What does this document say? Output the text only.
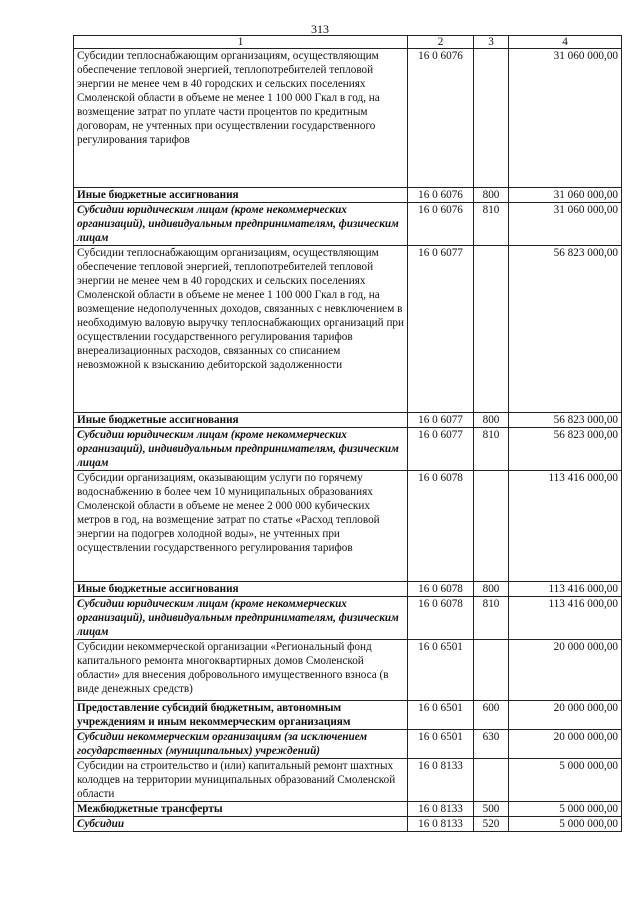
313
1	2	3	4
Субсидии теплоснабжающим организациям, осуществляющим обеспечение тепловой энергией, теплопотребителей тепловой энергии не менее чем в 40 городских и сельских поселениях Смоленской области в объеме не менее 1 100 000 Гкал в год, на возмещение затрат по уплате части процентов по кредитным договорам, не учтенных при осуществлении государственного регулирования тарифов	16 0 6076		31 060 000,00
Иные бюджетные ассигнования	16 0 6076	800	31 060 000,00
Субсидии юридическим лицам (кроме некоммерческих организаций), индивидуальным предпринимателям, физическим лицам	16 0 6076	810	31 060 000,00
Субсидии теплоснабжающим организациям, осуществляющим обеспечение тепловой энергией, теплопотребителей тепловой энергии не менее чем в 40 городских и сельских поселениях Смоленской области в объеме не менее 1 100 000 Гкал в год, на возмещение недополученных доходов, связанных с невключением в необходимую валовую выручку теплоснабжающих организаций при осуществлении государственного регулирования тарифов внереализационных расходов, связанных со списанием невозможной к взысканию дебиторской задолженности	16 0 6077		56 823 000,00
Иные бюджетные ассигнования	16 0 6077	800	56 823 000,00
Субсидии юридическим лицам (кроме некоммерческих организаций), индивидуальным предпринимателям, физическим лицам	16 0 6077	810	56 823 000,00
Субсидии организациям, оказывающим услуги по горячему водоснабжению в более чем 10 муниципальных образованиях Смоленской области в объеме не менее 2 000 000 кубических метров в год, на возмещение затрат по статье «Расход тепловой энергии на подогрев холодной воды», не учтенных при осуществлении государственного регулирования тарифов	16 0 6078		113 416 000,00
Иные бюджетные ассигнования	16 0 6078	800	113 416 000,00
Субсидии юридическим лицам (кроме некоммерческих организаций), индивидуальным предпринимателям, физическим лицам	16 0 6078	810	113 416 000,00
Субсидии некоммерческой организации «Региональный фонд капитального ремонта многоквартирных домов Смоленской области» для внесения добровольного имущественного взноса (в виде денежных средств)	16 0 6501		20 000 000,00
Предоставление субсидий бюджетным, автономным учреждениям и иным некоммерческим организациям	16 0 6501	600	20 000 000,00
Субсидии некоммерческим организациям (за исключением государственных (муниципальных) учреждений)	16 0 6501	630	20 000 000,00
Субсидии на строительство и (или) капитальный ремонт шахтных колодцев на территории муниципальных образований Смоленской области	16 0 8133		5 000 000,00
Межбюджетные трансферты	16 0 8133	500	5 000 000,00
Субсидии	16 0 8133	520	5 000 000,00
